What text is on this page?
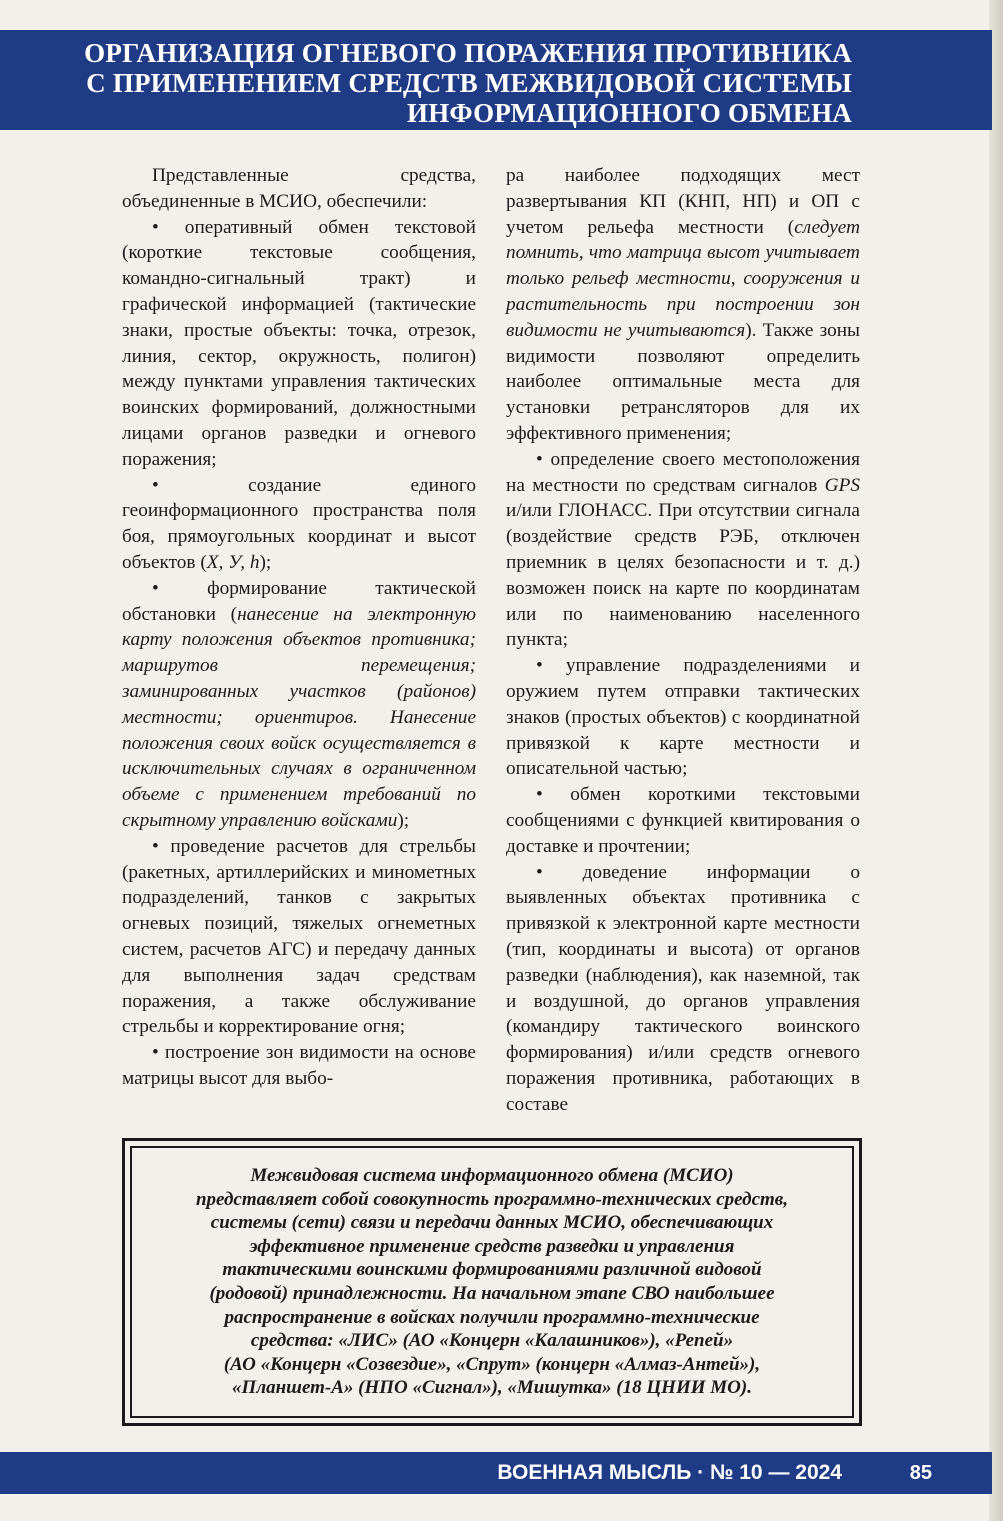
ОРГАНИЗАЦИЯ ОГНЕВОГО ПОРАЖЕНИЯ ПРОТИВНИКА
С ПРИМЕНЕНИЕМ СРЕДСТВ МЕЖВИДОВОЙ СИСТЕМЫ
ИНФОРМАЦИОННОГО ОБМЕНА

Представленные средства, объединенные в МСИО, обеспечили:

• оперативный обмен текстовой (короткие текстовые сообщения, командно-сигнальный тракт) и графической информацией (тактические знаки, простые объекты: точка, отрезок, линия, сектор, окружность, полигон) между пунктами управления тактических воинских формирований, должностными лицами органов разведки и огневого поражения;

•	создание единого геоинформационного пространства поля боя, прямоугольных координат и высот объектов (X, У, h);

•	формирование тактической обстановки (нанесение на электронную карту положения объектов противника; маршрутов перемещения; заминированных участков (районов) местности; ориентиров. Нанесение положения своих войск осуществляется в исключительных случаях в ограниченном объеме с применением требований по скрытному управлению войсками);

• проведение расчетов для стрельбы (ракетных, артиллерийских и минометных подразделений, танков с закрытых огневых позиций, тяжелых огнеметных систем, расчетов АГС) и передачу данных для выполнения задач средствам поражения, а также обслуживание стрельбы и корректирование огня;

• построение зон видимости на основе матрицы высот для выбо-

ра наиболее подходящих мест развертывания КП (КНП, НП) и ОП с учетом рельефа местности (следует помнить, что матрица высот учитывает только рельеф местности, сооружения и растительность при построении зон видимости не учитываются). Также зоны видимости позволяют определить наиболее оптимальные места для установки ретрансляторов для их эффективного применения;

• определение своего местоположения на местности по средствам сигналов GPS и/или ГЛОНАСС. При отсутствии сигнала (воздействие средств РЭБ, отключен приемник в целях безопасности и т. д.) возможен поиск на карте по координатам или по наименованию населенного пункта;

• управление подразделениями и оружием путем отправки тактических знаков (простых объектов) с координатной привязкой к карте местности и описательной частью;

• обмен короткими текстовыми сообщениями с функцией квитирования о доставке и прочтении;

• доведение информации о выявленных объектах противника с привязкой к электронной карте местности (тип, координаты и высота) от органов разведки (наблюдения), как наземной, так и воздушной, до органов управления (командиру тактического воинского формирования) и/или средств огневого поражения противника, работающих в составе

Межвидовая система информационного обмена (МСИО)
представляет собой совокупность программно-технических средств,
системы (сети) связи и передачи данных МСИО, обеспечивающих
эффективное применение средств разведки и управления
тактическими воинскими формированиями различной видовой
(родовой) принадлежности. На начальном этапе СВО наибольшее
распространение в войсках получили программно-технические
средства: «ЛИС» (АО «Концерн «Калашников»), «Репей»
(АО «Концерн «Созвездие», «Спрут» (концерн «Алмаз-Антей»),
«Планшет-А» (НПО «Сигнал»), «Мишутка» (18 ЦНИИ МО).
ВОЕННАЯ МЫСЛЬ · № 10 — 2024	85
